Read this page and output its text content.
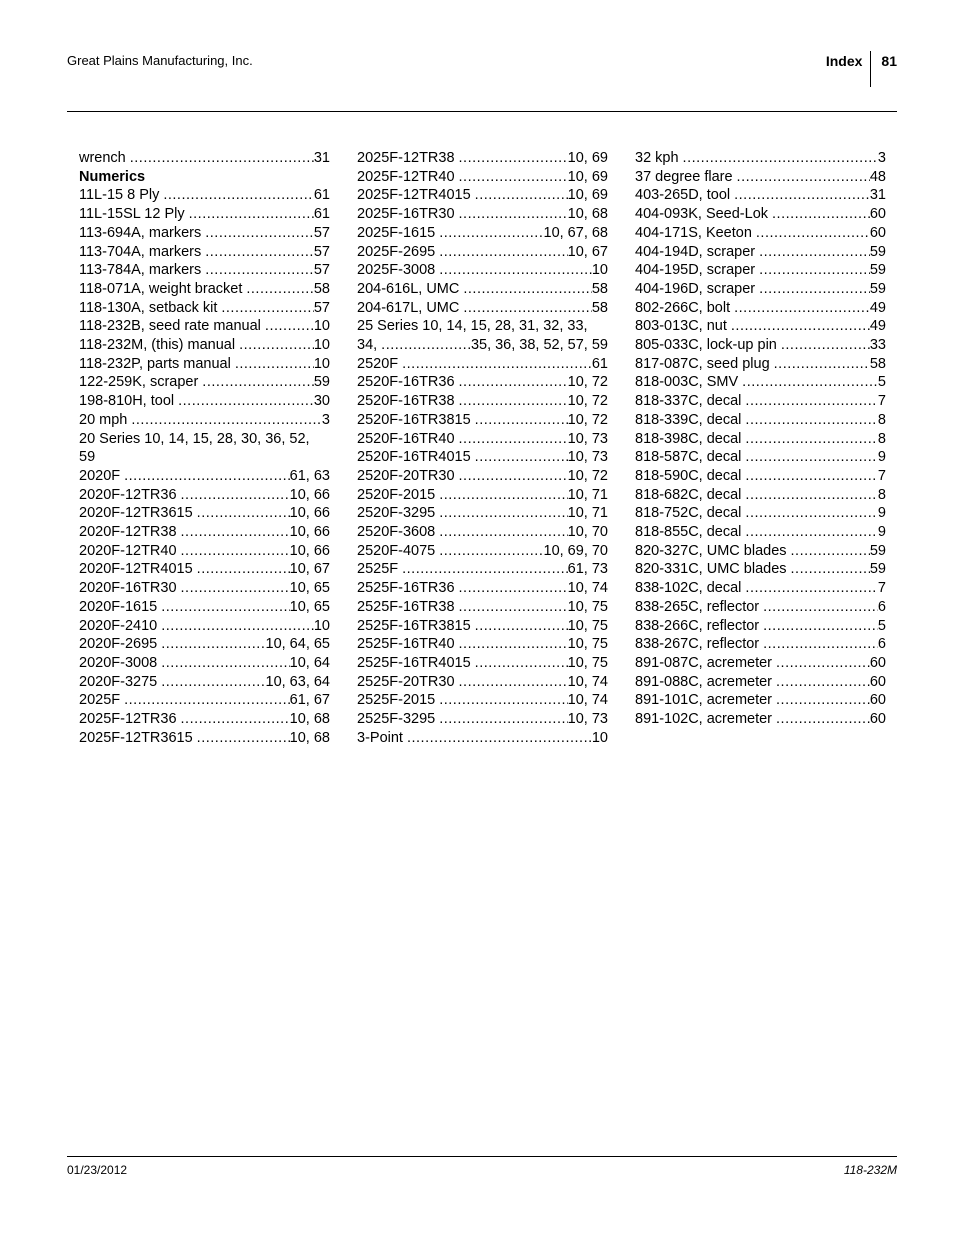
Great Plains Manufacturing, Inc.	Index	81
wrench .....	31
Numerics
11L-15 8 Ply .....	61
11L-15SL 12 Ply .....	61
113-694A, markers .....	57
113-704A, markers .....	57
113-784A, markers .....	57
118-071A, weight bracket .....	58
118-130A, setback kit .....	57
118-232B, seed rate manual .....	10
118-232M, (this) manual .....	10
118-232P, parts manual .....	10
122-259K, scraper .....	59
198-810H, tool .....	30
20 mph .....	3
20 Series 10, 14, 15, 28, 30, 36, 52,
59
2020F .....	61, 63
2020F-12TR36 .....	10, 66
2020F-12TR3615 .....	10, 66
2020F-12TR38 .....	10, 66
2020F-12TR40 .....	10, 66
2020F-12TR4015 .....	10, 67
2020F-16TR30 .....	10, 65
2020F-1615 .....	10, 65
2020F-2410 .....	10
2020F-2695 .....	10, 64, 65
2020F-3008 .....	10, 64
2020F-3275 .....	10, 63, 64
2025F .....	61, 67
2025F-12TR36 .....	10, 68
2025F-12TR3615 .....	10, 68
2025F-12TR38 .....	10, 69
2025F-12TR40 .....	10, 69
2025F-12TR4015 .....	10, 69
2025F-16TR30 .....	10, 68
2025F-1615 .....	10, 67, 68
2025F-2695 .....	10, 67
2025F-3008 .....	10
204-616L, UMC .....	58
204-617L, UMC .....	58
25 Series 10, 14, 15, 28, 31, 32, 33,
34, .....	35, 36, 38, 52, 57, 59
2520F .....	61
2520F-16TR36 .....	10, 72
2520F-16TR38 .....	10, 72
2520F-16TR3815 .....	10, 72
2520F-16TR40 .....	10, 73
2520F-16TR4015 .....	10, 73
2520F-20TR30 .....	10, 72
2520F-2015 .....	10, 71
2520F-3295 .....	10, 71
2520F-3608 .....	10, 70
2520F-4075 .....	10, 69, 70
2525F .....	61, 73
2525F-16TR36 .....	10, 74
2525F-16TR38 .....	10, 75
2525F-16TR3815 .....	10, 75
2525F-16TR40 .....	10, 75
2525F-16TR4015 .....	10, 75
2525F-20TR30 .....	10, 74
2525F-2015 .....	10, 74
2525F-3295 .....	10, 73
3-Point .....	10
32 kph .....	3
37 degree flare .....	48
403-265D, tool .....	31
404-093K, Seed-Lok .....	60
404-171S, Keeton .....	60
404-194D, scraper .....	59
404-195D, scraper .....	59
404-196D, scraper .....	59
802-266C, bolt .....	49
803-013C, nut .....	49
805-033C, lock-up pin .....	33
817-087C, seed plug .....	58
818-003C, SMV .....	5
818-337C, decal .....	7
818-339C, decal .....	8
818-398C, decal .....	8
818-587C, decal .....	9
818-590C, decal .....	7
818-682C, decal .....	8
818-752C, decal .....	9
818-855C, decal .....	9
820-327C, UMC blades .....	59
820-331C, UMC blades .....	59
838-102C, decal .....	7
838-265C, reflector .....	6
838-266C, reflector .....	5
838-267C, reflector .....	6
891-087C, acremeter .....	60
891-088C, acremeter .....	60
891-101C, acremeter .....	60
891-102C, acremeter .....	60
01/23/2012	118-232M
